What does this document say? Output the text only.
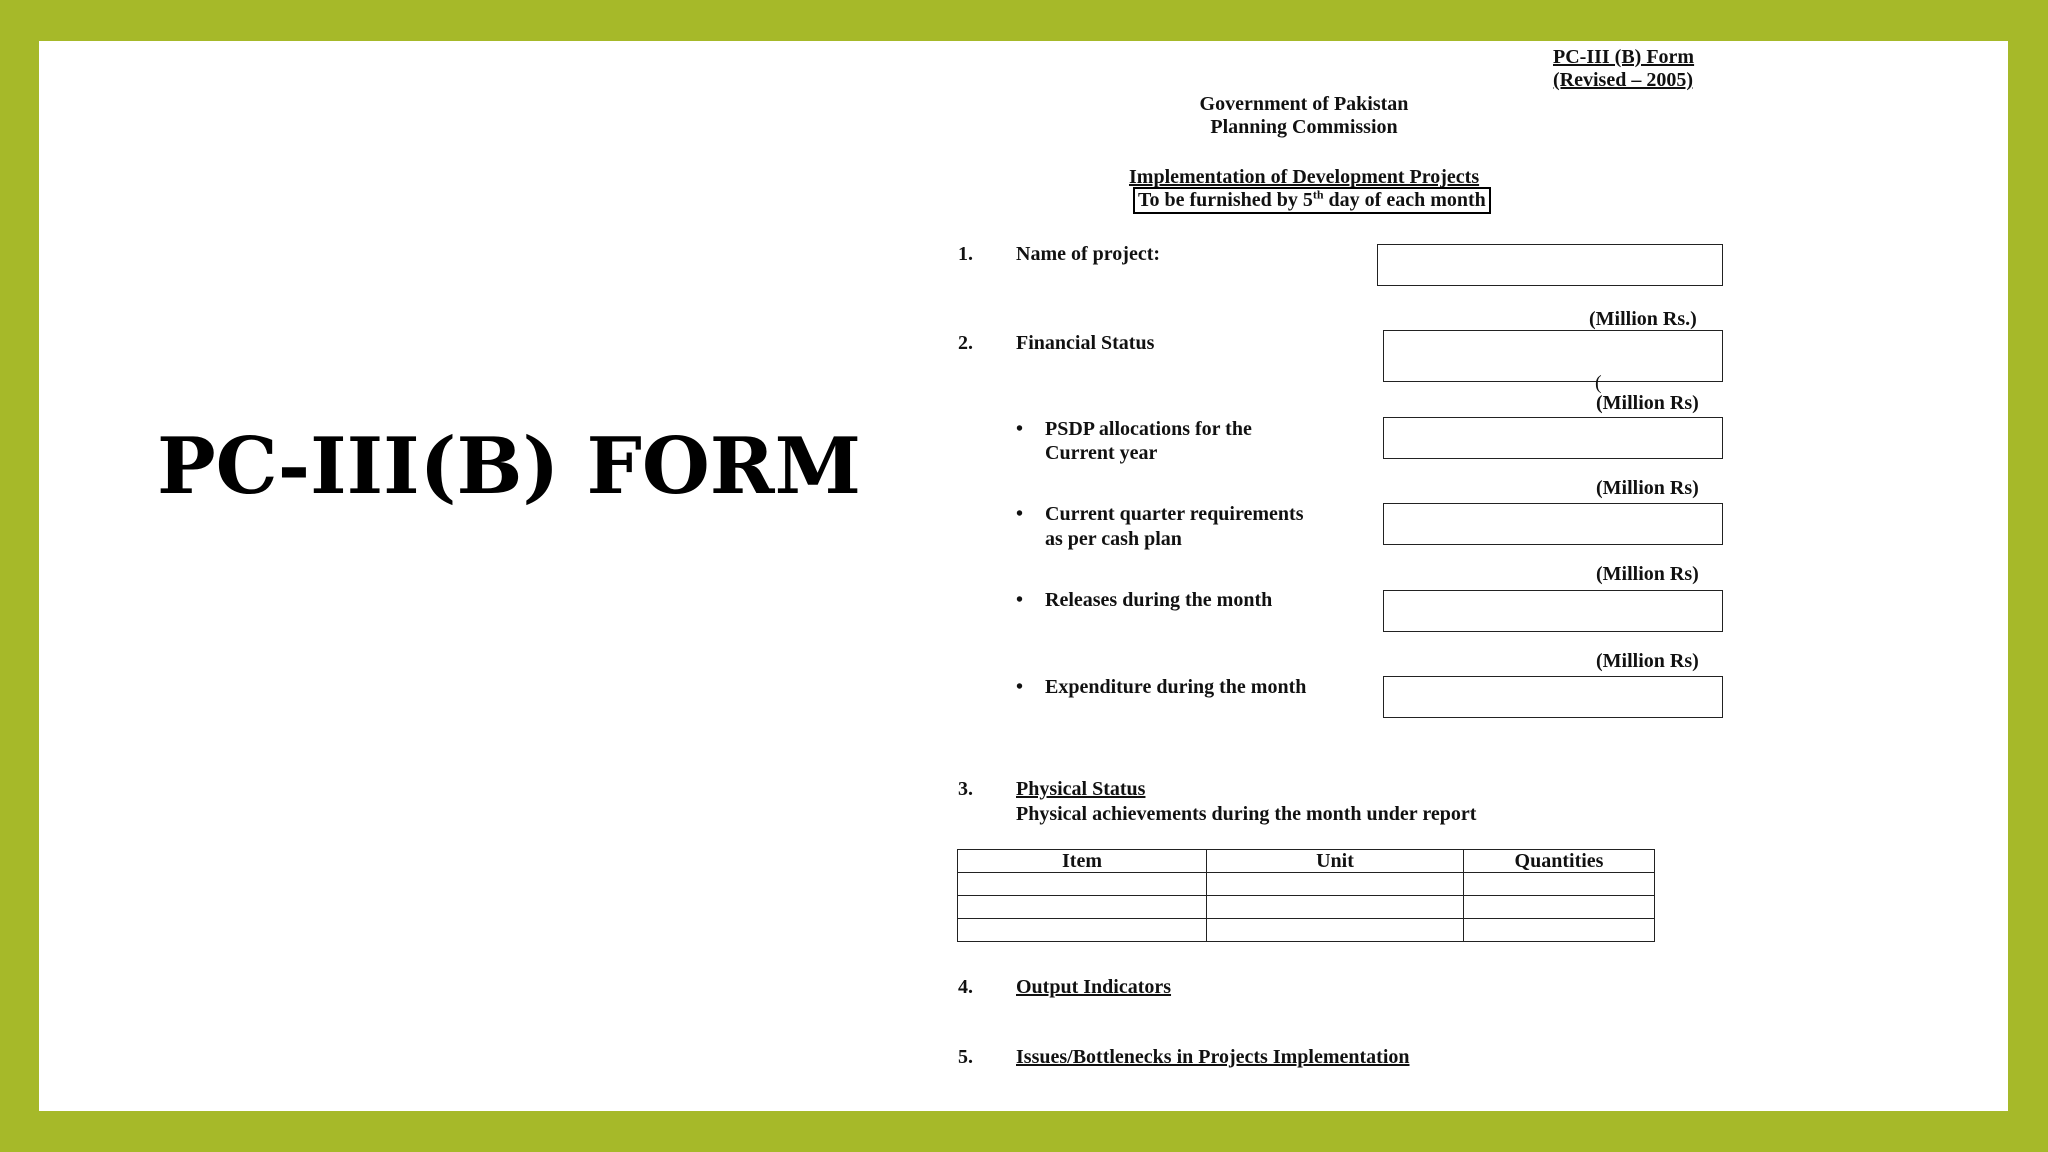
PC-III(B) FORM
PC-III (B) Form
(Revised – 2005)
Government of Pakistan
Planning Commission
Implementation of Development Projects
To be furnished by 5th day of each month
1. Name of project:
(Million Rs.)
2. Financial Status
(
(Million Rs)
• PSDP allocations for the
Current year
(Million Rs)
• Current quarter requirements
as per cash plan
(Million Rs)
• Releases during the month
(Million Rs)
• Expenditure during the month
3. Physical Status
Physical achievements during the month under report
Item	Unit	Quantities

4. Output Indicators
5. Issues/Bottlenecks in Projects Implementation
